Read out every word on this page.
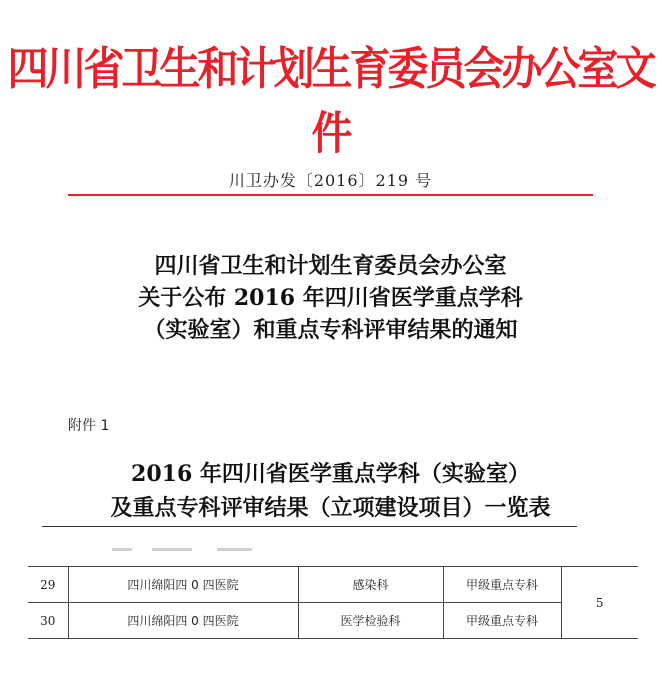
四川省卫生和计划生育委员会办公室文件
川卫办发〔2016〕219 号
四川省卫生和计划生育委员会办公室
关于公布 2016 年四川省医学重点学科
（实验室）和重点专科评审结果的通知
附件 1
2016 年四川省医学重点学科（实验室）
及重点专科评审结果（立项建设项目）一览表
29	四川绵阳四 0 四医院	感染科	甲级重点专科	5
30	四川绵阳四 0 四医院	医学检验科	甲级重点专科	
